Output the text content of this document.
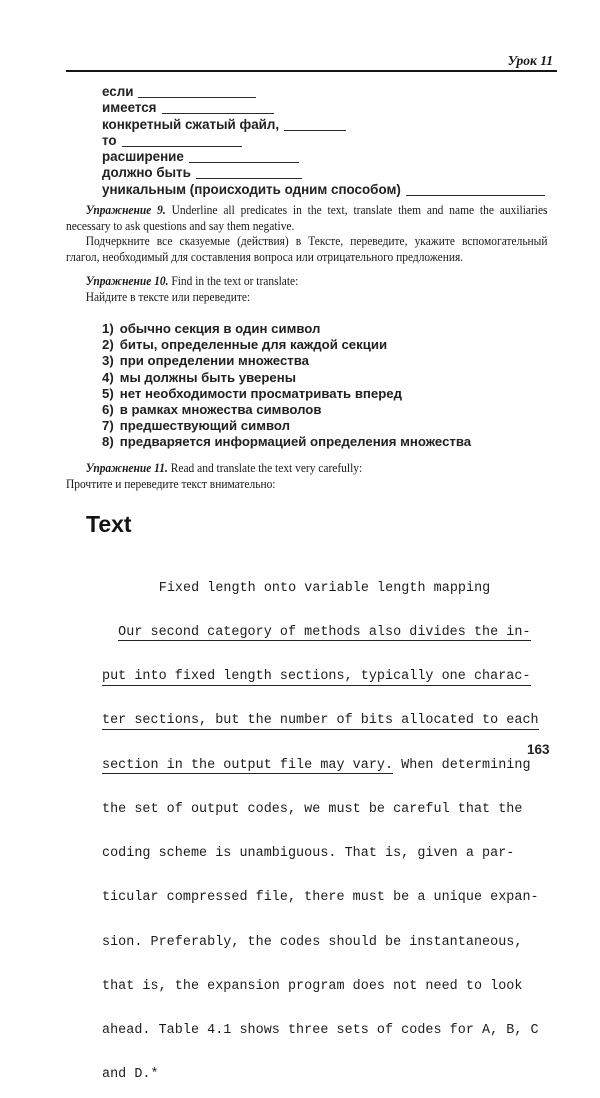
Урок 11
если
имеется
конкретный сжатый файл,
то
расширение
должно быть
уникальным (происходить одним способом)
Упражнение 9. Underline all predicates in the text, translate them and name the auxiliaries
necessary to ask questions and say them negative.
Подчеркните все сказуемые (действия) в Тексте, переведите, укажите вспомогательный
глагол, необходимый для составления вопроса или отрицательного предложения.
Упражнение 10. Find in the text or translate:
Найдите в тексте или переведите:
1) обычно секция в один символ
2) биты, определенные для каждой секции
3) при определении множества
4) мы должны быть уверены
5) нет необходимости просматривать вперед
6) в рамках множества символов
7) предшествующий символ
8) предваряется информацией определения множества
Упражнение 11. Read and translate the text very carefully:
Прочтите и переведите текст внимательно:
Text

Fixed length onto variable length mapping

Our second category of methods also divides the in-

put into fixed length sections, typically one charac-

ter sections, but the number of bits allocated to each

section in the output file may vary. When determining

the set of output codes, we must be careful that the

coding scheme is unambiguous. That is, given a par-

ticular compressed file, there must be a unique expan-

sion. Preferably, the codes should be instantaneous,

that is, the expansion program does not need to look

ahead. Table 4.1 shows three sets of codes for A, B, C

and D.*

163
